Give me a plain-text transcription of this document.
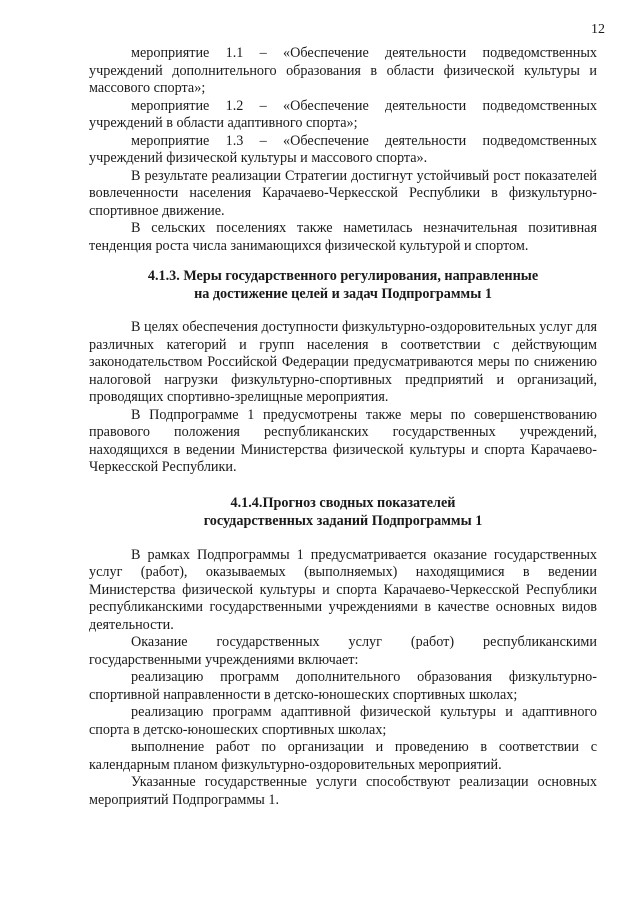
12

мероприятие 1.1 – «Обеспечение деятельности подведомственных учреждений дополнительного образования в области физической культуры и массового спорта»;

мероприятие 1.2 – «Обеспечение деятельности подведомственных учреждений в области адаптивного спорта»;

мероприятие 1.3 – «Обеспечение деятельности подведомственных учреждений физической культуры и массового спорта».

В результате реализации Стратегии достигнут устойчивый рост показателей вовлеченности населения Карачаево-Черкесской Республики в физкультурно-спортивное движение.

В сельских поселениях также наметилась незначительная позитивная тенденция роста числа занимающихся физической культурой и спортом.

4.1.3. Меры государственного регулирования, направленные
на достижение целей и задач Подпрограммы 1

В целях обеспечения доступности физкультурно-оздоровительных услуг для различных категорий и групп населения в соответствии с действующим законодательством Российской Федерации предусматриваются меры по снижению налоговой нагрузки физкультурно-спортивных предприятий и организаций, проводящих спортивно-зрелищные мероприятия.

В Подпрограмме 1 предусмотрены также меры по совершенствованию правового положения республиканских государственных учреждений, находящихся в ведении Министерства физической культуры и спорта Карачаево-Черкесской Республики.

4.1.4.Прогноз сводных показателей
государственных заданий Подпрограммы 1

В рамках Подпрограммы 1 предусматривается оказание государственных услуг (работ), оказываемых (выполняемых) находящимися в ведении Министерства физической культуры и спорта Карачаево-Черкесской Республики республиканскими государственными учреждениями в качестве основных видов деятельности.

Оказание государственных услуг (работ) республиканскими государственными учреждениями включает:

реализацию программ дополнительного образования физкультурно-спортивной направленности в детско-юношеских спортивных школах;

реализацию программ адаптивной физической культуры и адаптивного спорта в детско-юношеских спортивных школах;

выполнение работ по организации и проведению в соответствии с календарным планом физкультурно-оздоровительных мероприятий.

Указанные государственные услуги способствуют реализации основных мероприятий Подпрограммы 1.
